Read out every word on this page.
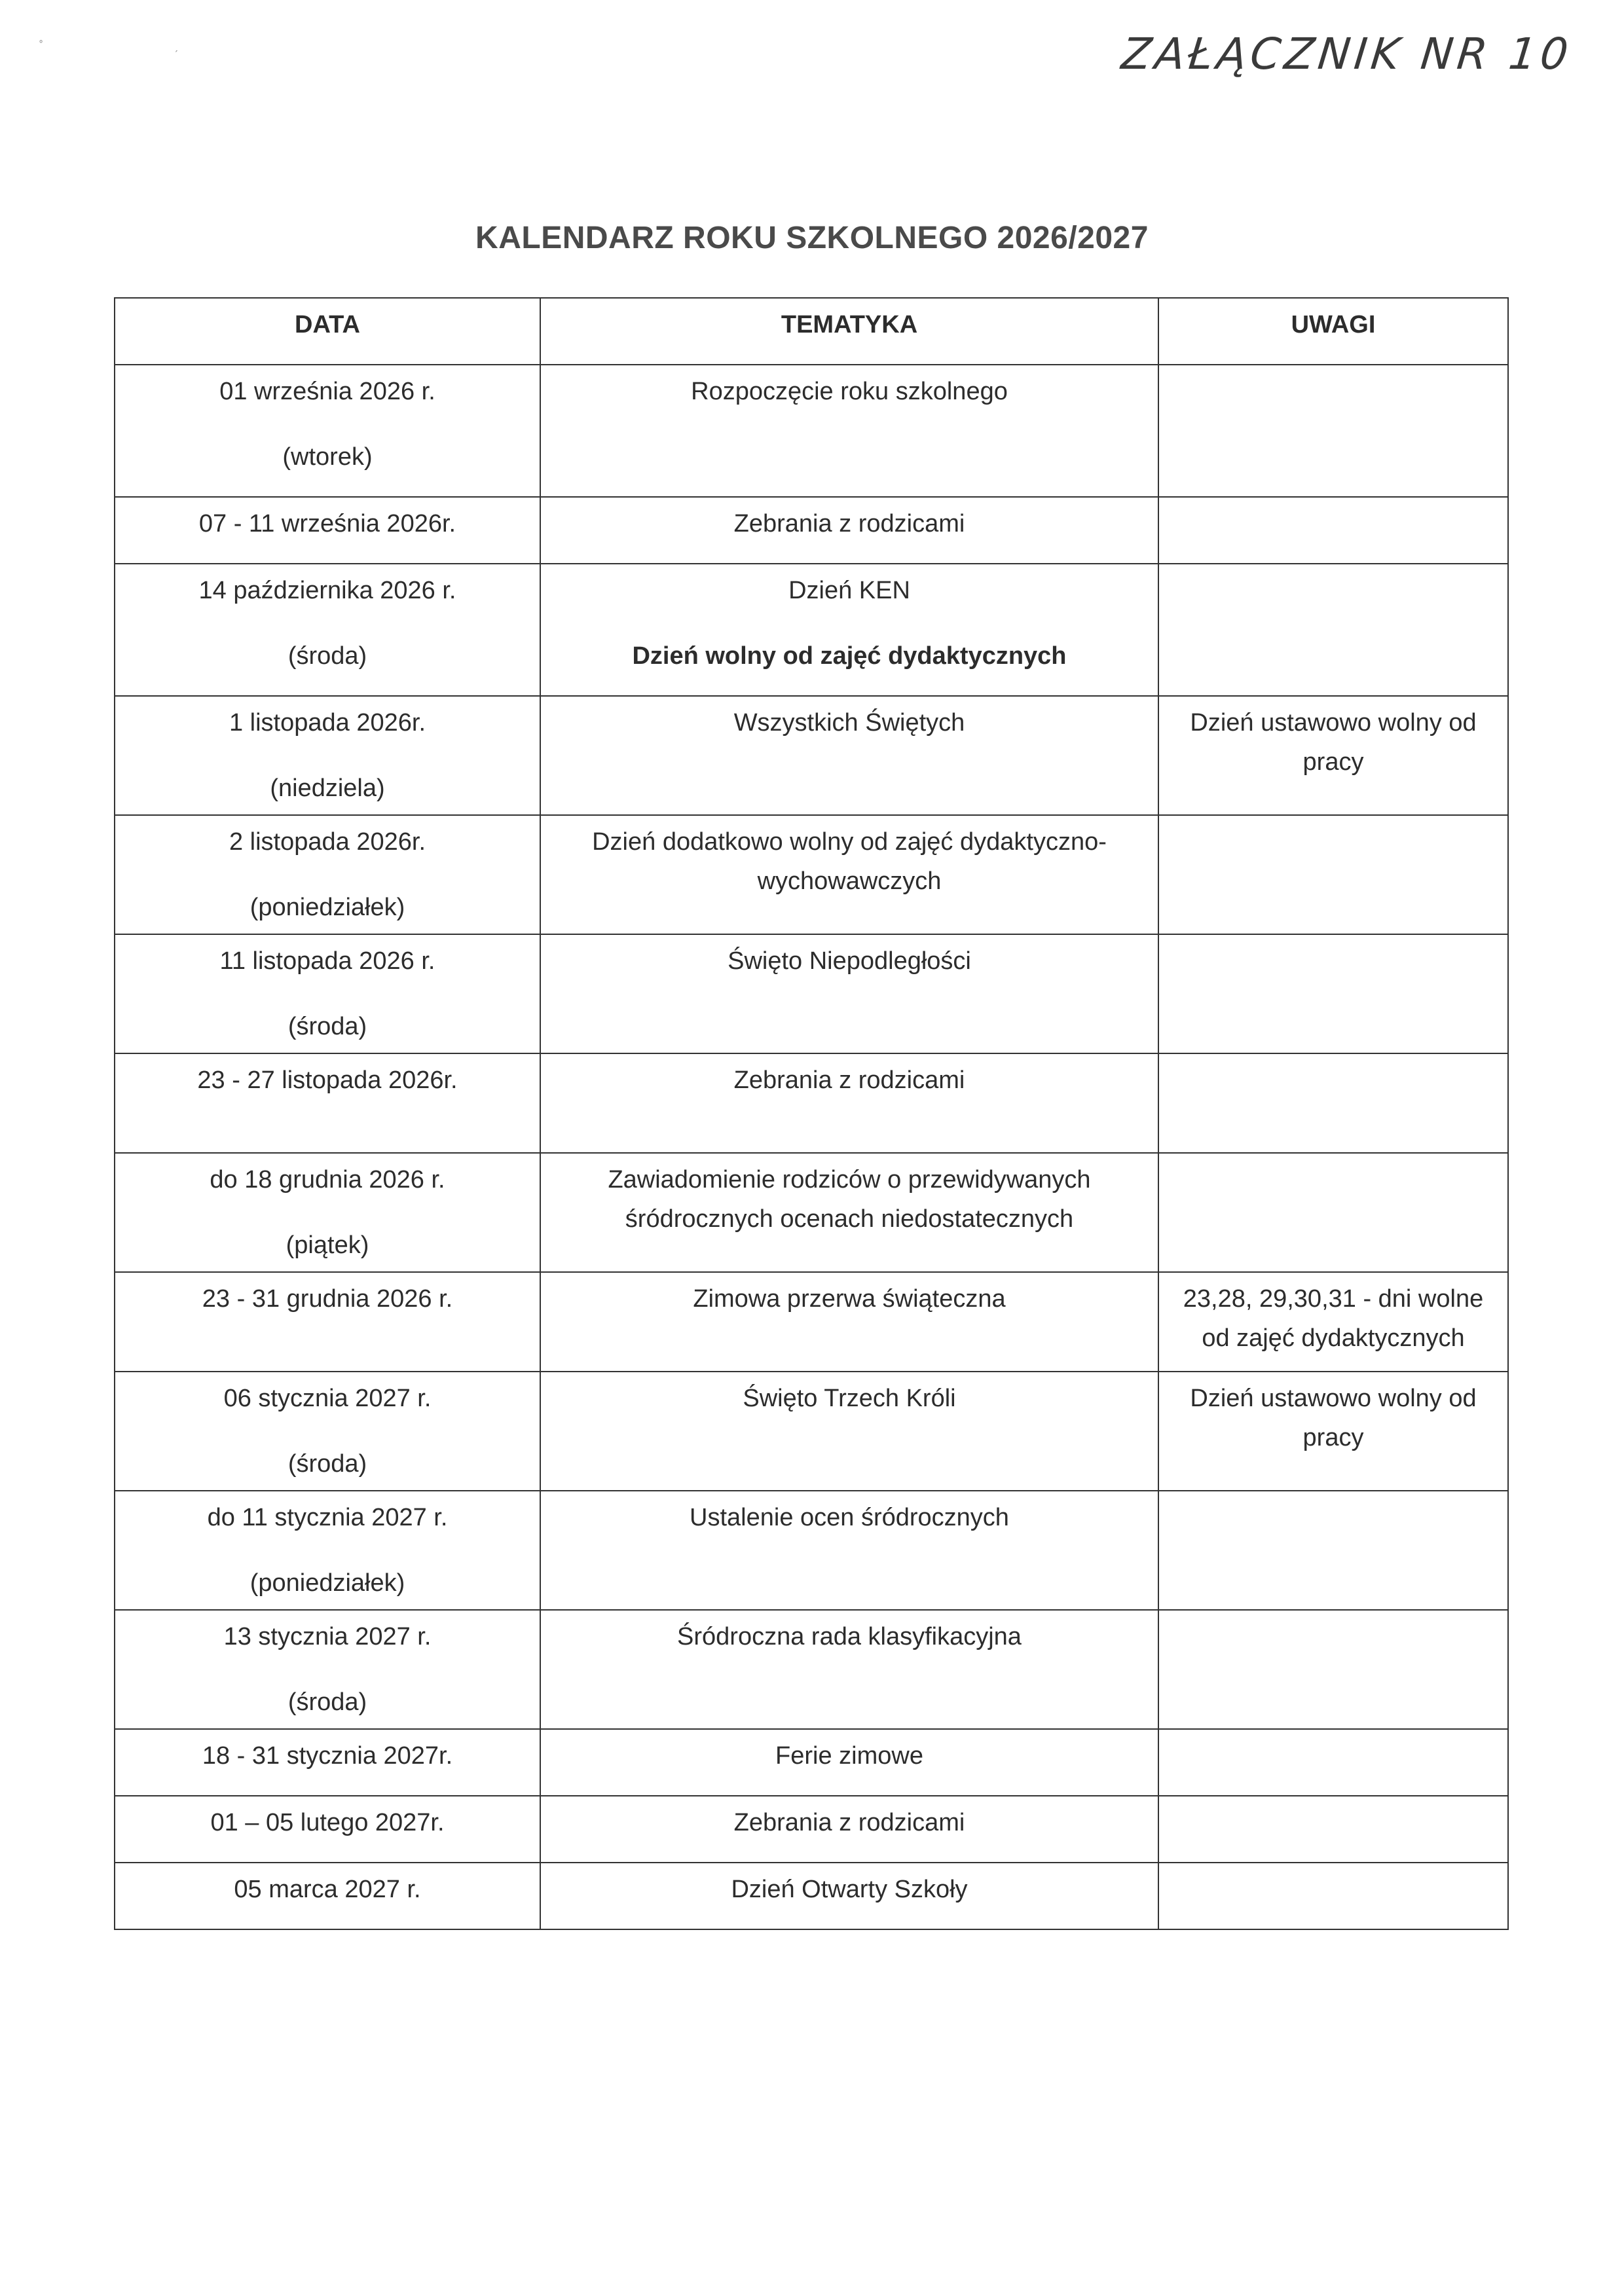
˚                                        ˏ	ZAŁĄCZNIK NR 10
KALENDARZ ROKU SZKOLNEGO 2026/2027
DATA	TEMATYKA	UWAGI

01 września 2026 r.
(wtorek)	Rozpoczęcie roku szkolnego	

07 - 11 września 2026r.	Zebrania z rodzicami	

14 października 2026 r.
(środa)	Dzień KEN
Dzień wolny od zajęć dydaktycznych	

1 listopada 2026r.
(niedziela)	Wszystkich Świętych	Dzień ustawowo wolny od pracy

2 listopada 2026r.
(poniedziałek)	Dzień dodatkowo wolny od zajęć dydaktyczno-wychowawczych	

11 listopada 2026 r.
(środa)	Święto Niepodległości	

23 - 27 listopada 2026r.	Zebrania z rodzicami	

do 18 grudnia 2026 r.
(piątek)	Zawiadomienie rodziców o przewidywanych śródrocznych ocenach niedostatecznych	

23 - 31 grudnia 2026 r.	Zimowa przerwa świąteczna	23,28, 29,30,31 - dni wolne od zajęć dydaktycznych

06 stycznia 2027 r.
(środa)	Święto Trzech Króli	Dzień ustawowo wolny od pracy

do 11 stycznia 2027 r.
(poniedziałek)	Ustalenie ocen śródrocznych	

13 stycznia 2027 r.
(środa)	Śródroczna rada klasyfikacyjna	

18 - 31 stycznia 2027r.	Ferie zimowe	

01 – 05 lutego 2027r.	Zebrania z rodzicami	

05 marca 2027 r.	Dzień Otwarty Szkoły	
